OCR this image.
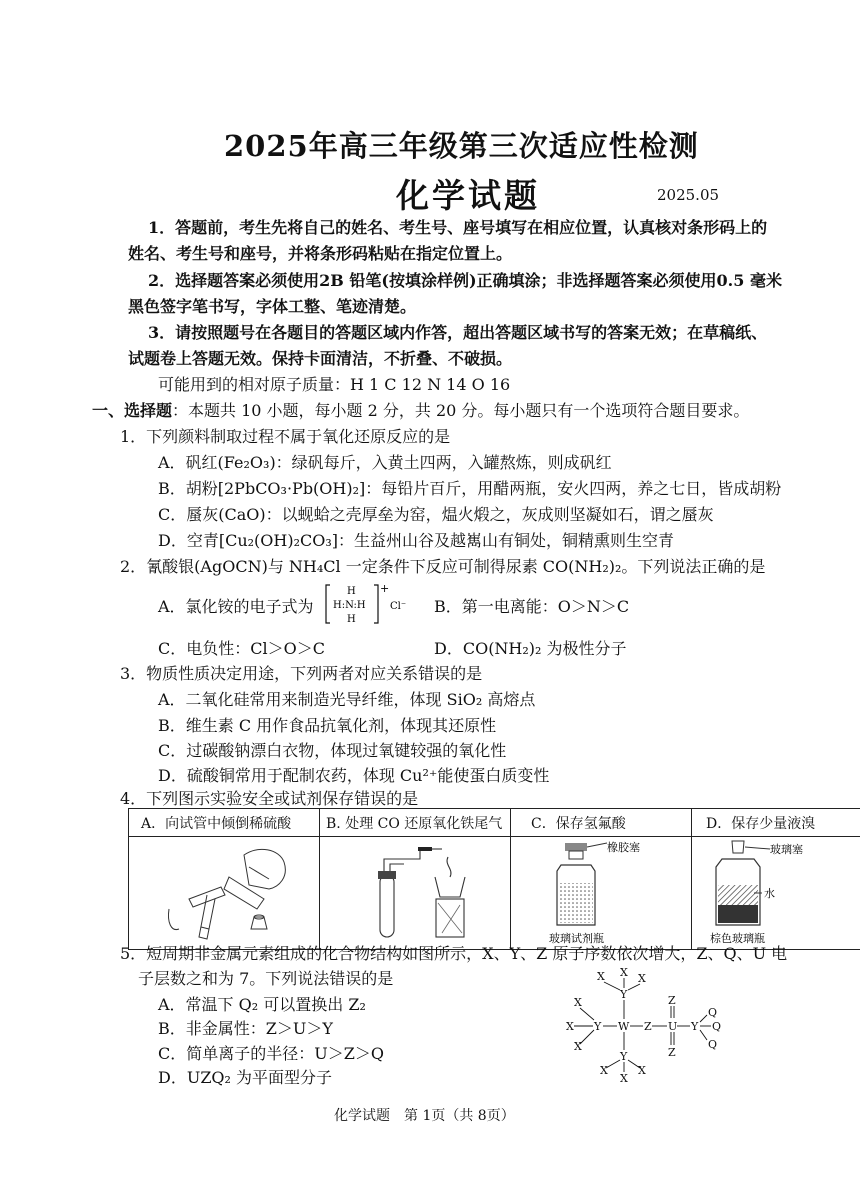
2025年高三年级第三次适应性检测
化学试题	2025.05
1．答题前，考生先将自己的姓名、考生号、座号填写在相应位置，认真核对条形码上的
姓名、考生号和座号，并将条形码粘贴在指定位置上。
2．选择题答案必须使用2B 铅笔(按填涂样例)正确填涂；非选择题答案必须使用0.5 毫米
黑色签字笔书写，字体工整、笔迹清楚。
3．请按照题号在各题目的答题区域内作答，超出答题区域书写的答案无效；在草稿纸、
试题卷上答题无效。保持卡面清洁，不折叠、不破损。
可能用到的相对原子质量：H 1 C 12 N 14 O 16
一、选择题：本题共 10 小题，每小题 2 分，共 20 分。每小题只有一个选项符合题目要求。
1．下列颜料制取过程不属于氧化还原反应的是
A．矾红(Fe₂O₃)：绿矾每斤，入黄土四两，入罐熬炼，则成矾红
B．胡粉[2PbCO₃·Pb(OH)₂]：每铅片百斤，用醋两瓶，安火四两，养之七日，皆成胡粉
C．蜃灰(CaO)：以蚬蛤之壳厚垒为窑，煴火煅之，灰成则坚凝如石，谓之蜃灰
D．空青[Cu₂(OH)₂CO₃]：生益州山谷及越嶲山有铜处，铜精熏则生空青
2．氰酸银(AgOCN)与 NH₄Cl 一定条件下反应可制得尿素 CO(NH₂)₂。下列说法正确的是
A．氯化铵的电子式为
H
H:N:H
H
+
Cl⁻ B．第一电离能：O＞N＞C
C．电负性：Cl＞O＞C	D．CO(NH₂)₂ 为极性分子
3．物质性质决定用途，下列两者对应关系错误的是
A．二氧化硅常用来制造光导纤维，体现 SiO₂ 高熔点
B．维生素 C 用作食品抗氧化剂，体现其还原性
C．过碳酸钠漂白衣物，体现过氧键较强的氧化性
D．硫酸铜常用于配制农药，体现 Cu²⁺能使蛋白质变性
4．下列图示实验安全或试剂保存错误的是
A．向试管中倾倒稀硫酸	B. 处理 CO 还原氧化铁尾气	C．保存氢氟酸	D．保存少量液溴

橡胶塞
玻璃试剂瓶	玻璃塞
水
棕色玻璃瓶
5．短周期非金属元素组成的化合物结构如图所示，X、Y、Z 原子序数依次增大，Z、Q、U 电
子层数之和为 7。下列说法错误的是
A．常温下 Q₂ 可以置换出 Z₂
B．非金属性：Z＞U＞Y
C．简单离子的半径：U＞Z＞Q
D．UZQ₂ 为平面型分子
X X X
Y
X
X
X
Y W Z U
Z
Z
Y
Q
Q
Q
Y
X
X
X
化学试题　第 1页（共 8页）
